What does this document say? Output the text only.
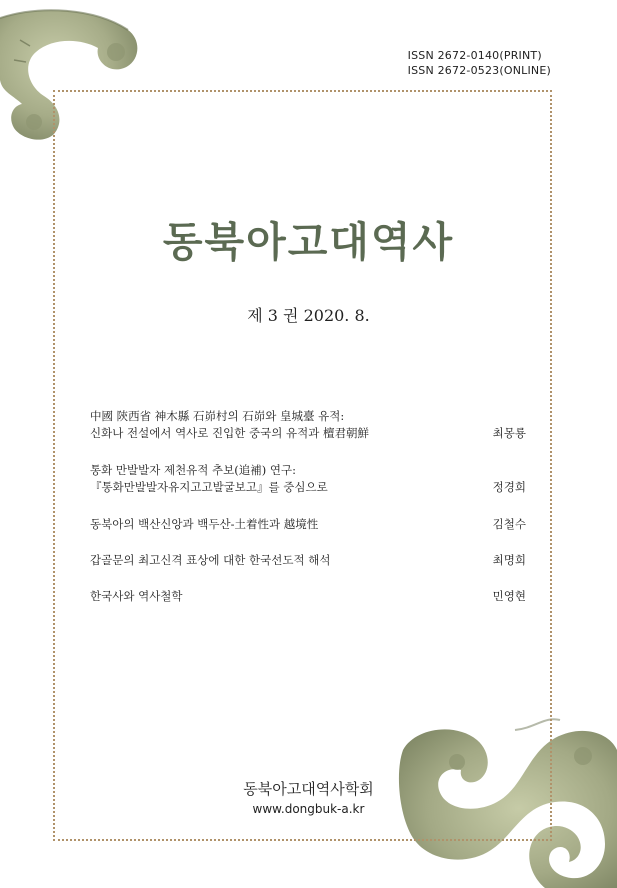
ISSN 2672-0140(PRINT)
ISSN 2672-0523(ONLINE)
동북아고대역사
제 3 권 2020. 8.
中國 陝西省 神木縣 石峁村의 石峁와 皇城臺 유적:
신화나 전설에서 역사로 진입한 중국의 유적과 檀君朝鮮	최몽룡
통화 만발발자 제천유적 추보(追補) 연구:
『통화만발발자유지고고발굴보고』를 중심으로	정경희
동북아의 백산신앙과 백두산-土着性과 越境性	김철수
갑골문의 최고신격 표상에 대한 한국선도적 해석	최명희
한국사와 역사철학	민영현
동북아고대역사학회
www.dongbuk-a.kr
